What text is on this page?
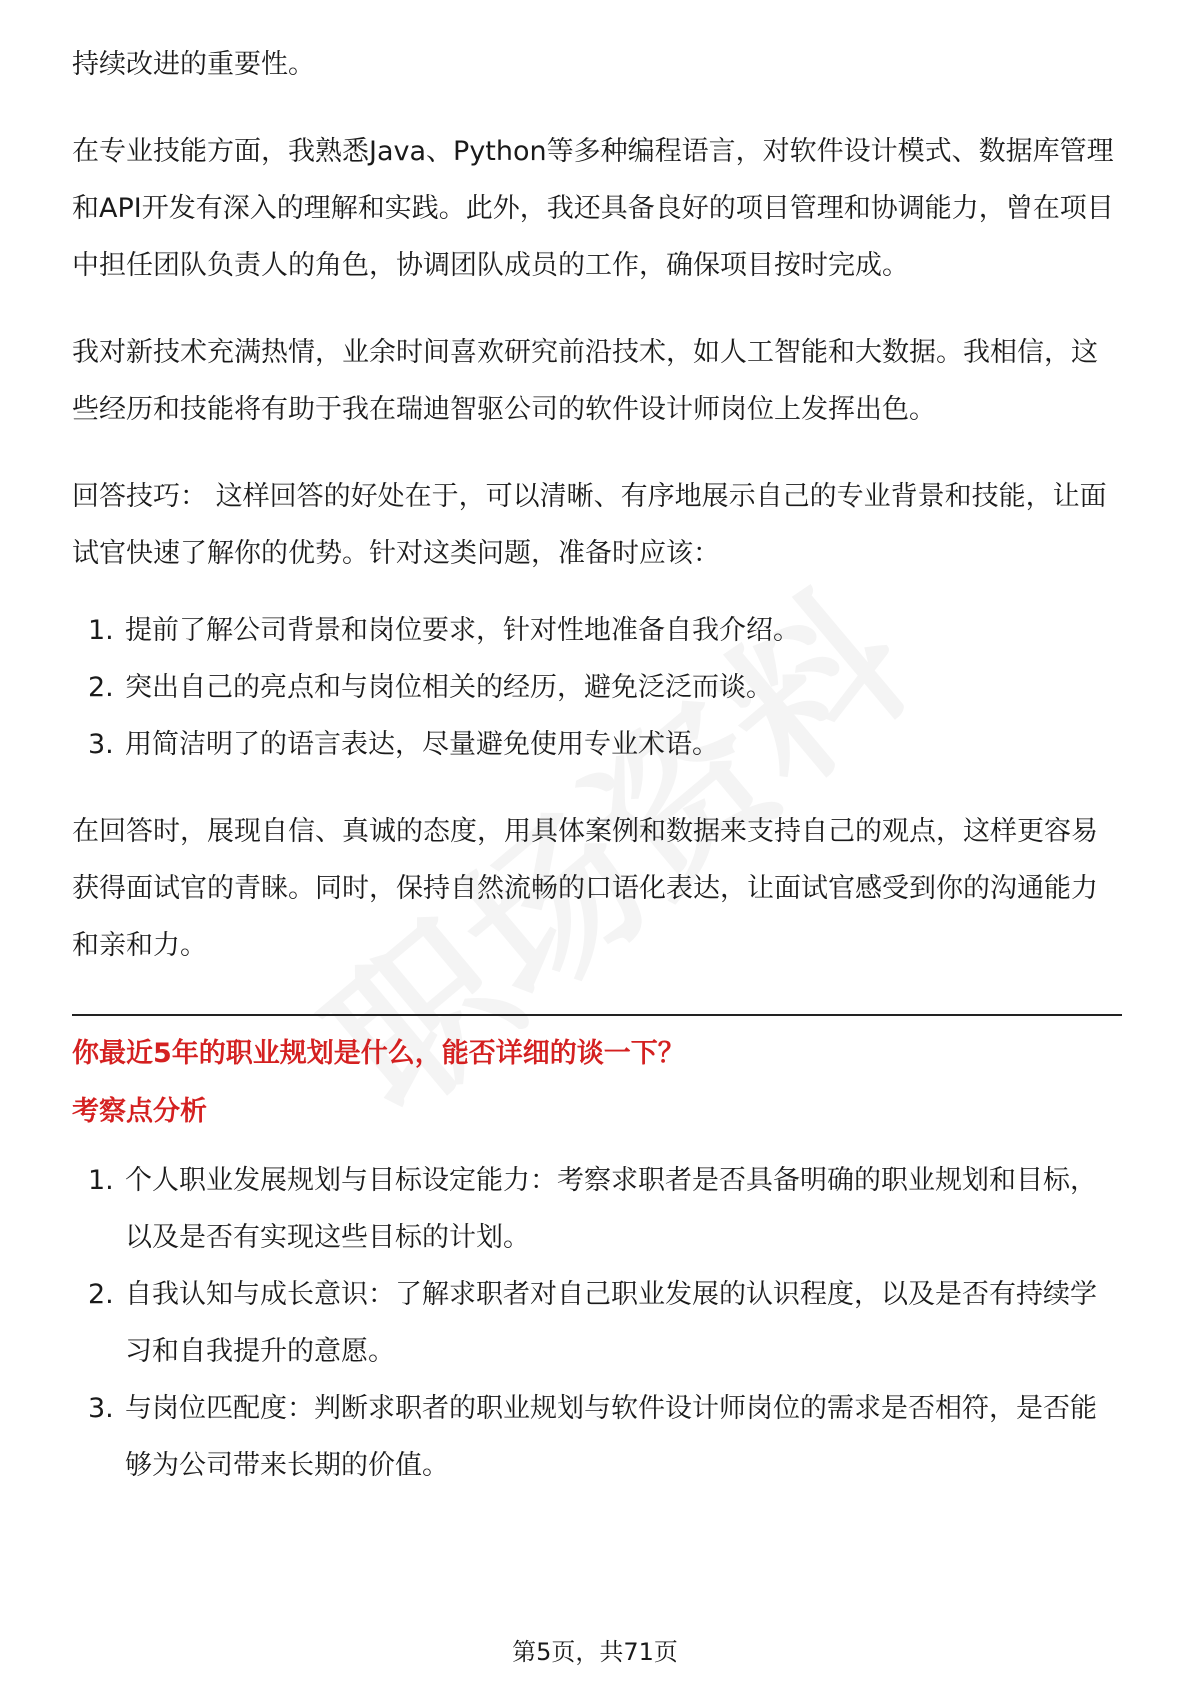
持续改进的重要性。

在专业技能方面，我熟悉Java、Python等多种编程语言，对软件设计模式、数据库管理和API开发有深入的理解和实践。此外，我还具备良好的项目管理和协调能力，曾在项目中担任团队负责人的角色，协调团队成员的工作，确保项目按时完成。

我对新技术充满热情，业余时间喜欢研究前沿技术，如人工智能和大数据。我相信，这些经历和技能将有助于我在瑞迪智驱公司的软件设计师岗位上发挥出色。

回答技巧： 这样回答的好处在于，可以清晰、有序地展示自己的专业背景和技能，让面试官快速了解你的优势。针对这类问题，准备时应该：

1. 提前了解公司背景和岗位要求，针对性地准备自我介绍。
2. 突出自己的亮点和与岗位相关的经历，避免泛泛而谈。
3. 用简洁明了的语言表达，尽量避免使用专业术语。

在回答时，展现自信、真诚的态度，用具体案例和数据来支持自己的观点，这样更容易获得面试官的青睐。同时，保持自然流畅的口语化表达，让面试官感受到你的沟通能力和亲和力。

你最近5年的职业规划是什么，能否详细的谈一下？

考察点分析

1. 个人职业发展规划与目标设定能力：考察求职者是否具备明确的职业规划和目标，以及是否有实现这些目标的计划。
2. 自我认知与成长意识：了解求职者对自己职业发展的认识程度，以及是否有持续学习和自我提升的意愿。
3. 与岗位匹配度：判断求职者的职业规划与软件设计师岗位的需求是否相符，是否能够为公司带来长期的价值。
第5页，共71页
